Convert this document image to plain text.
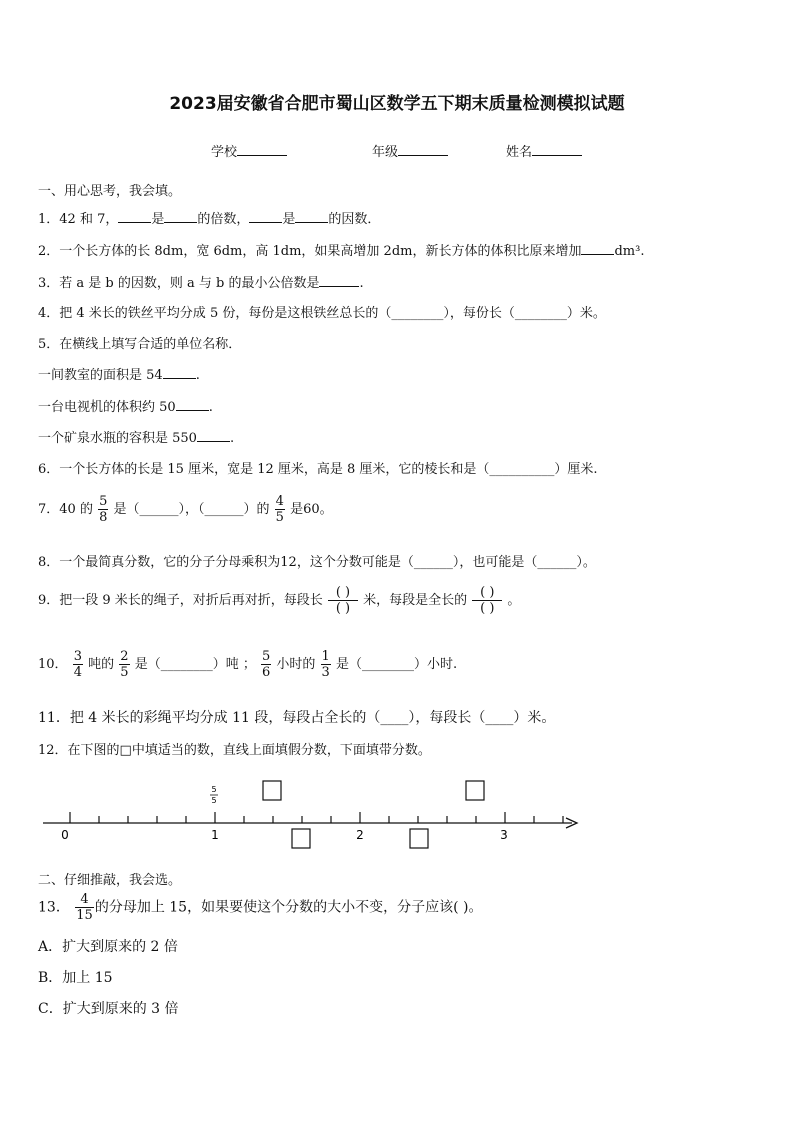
2023届安徽省合肥市蜀山区数学五下期末质量检测模拟试题
学校	年级	姓名
一、用心思考，我会填。
1．42 和 7，	是	的倍数，	是	的因数．
2．一个长方体的长 8dm，宽 6dm，高 1dm，如果高增加 2dm，新长方体的体积比原来增加	dm³.
3．若 a 是 b 的因数，则 a 与 b 的最小公倍数是	.
4．把 4 米长的铁丝平均分成 5 份，每份是这根铁丝总长的（________），每份长（________）米。
5．在横线上填写合适的单位名称．
一间教室的面积是 54	.
一台电视机的体积约 50	.
一个矿泉水瓶的容积是 550	.
6．一个长方体的长是 15 厘米，宽是 12 厘米，高是 8 厘米，它的棱长和是（__________）厘米.
7．40 的 $\frac{5}{8}$ 是（______），（______）的 $\frac{4}{5}$ 是60。
8．一个最简真分数，它的分子分母乘积为12，这个分数可能是（______），也可能是（______）。
9．把一段 9 米长的绳子，对折后再对折，每段长 $\frac{( )}{( )}$ 米，每段是全长的 $\frac{( )}{( )}$ 。
10． $\frac{3}{4}$ 吨的 $\frac{2}{5}$ 是（________）吨 ； $\frac{5}{6}$ 小时的 $\frac{1}{3}$ 是（________）小时.
11．把 4 米长的彩绳平均分成 11 段，每段占全长的（____），每段长（____）米。
12．在下图的□中填适当的数，直线上面填假分数，下面填带分数。
0	1	2	3
5
5
二、仔细推敲，我会选。
13． $\frac{4}{15}$ 的分母加上 15，如果要使这个分数的大小不变，分子应该( )。
A．扩大到原来的 2 倍
B．加上 15
C．扩大到原来的 3 倍
